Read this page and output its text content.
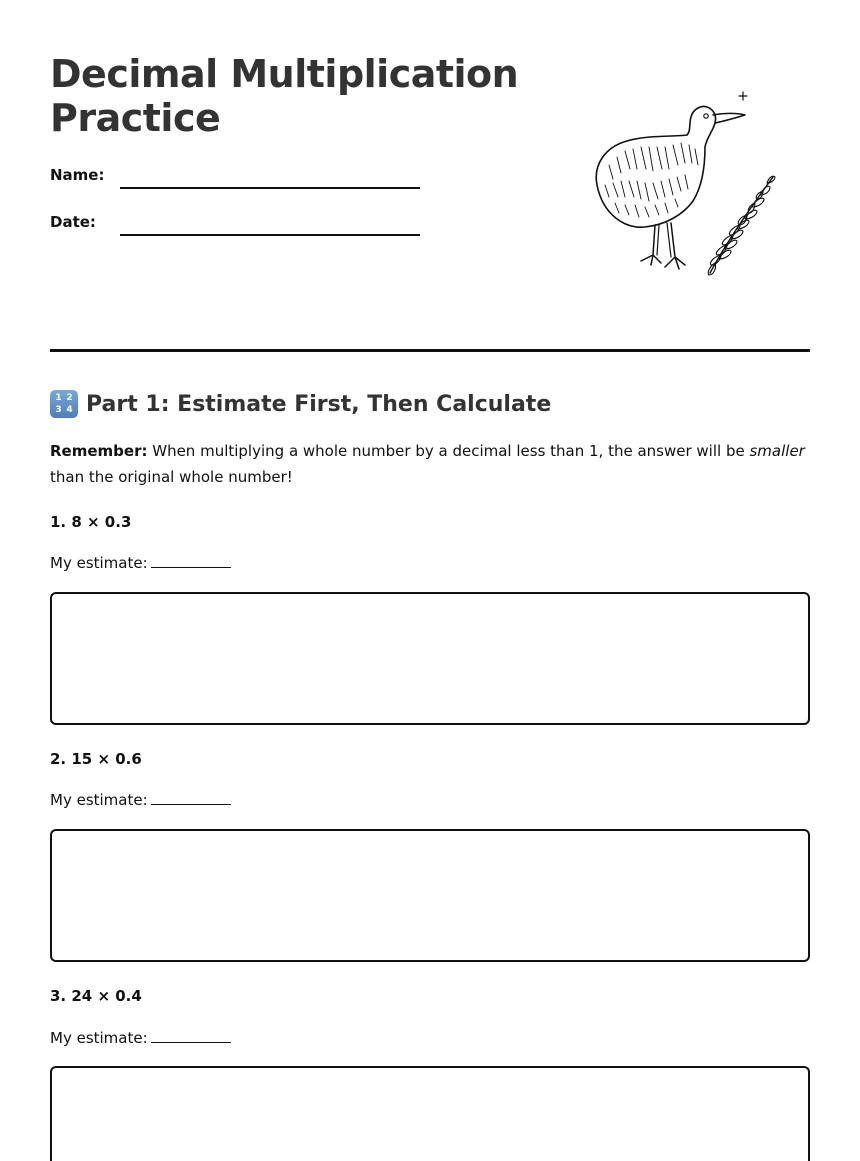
Decimal Multiplication Practice
Name:
Date:
1 2
3 4 Part 1: Estimate First, Then Calculate

Remember: When multiplying a whole number by a decimal less than 1, the answer will be smaller than the original whole number!

1. 8 × 0.3
My estimate:
2. 15 × 0.6
My estimate:
3. 24 × 0.4
My estimate:
